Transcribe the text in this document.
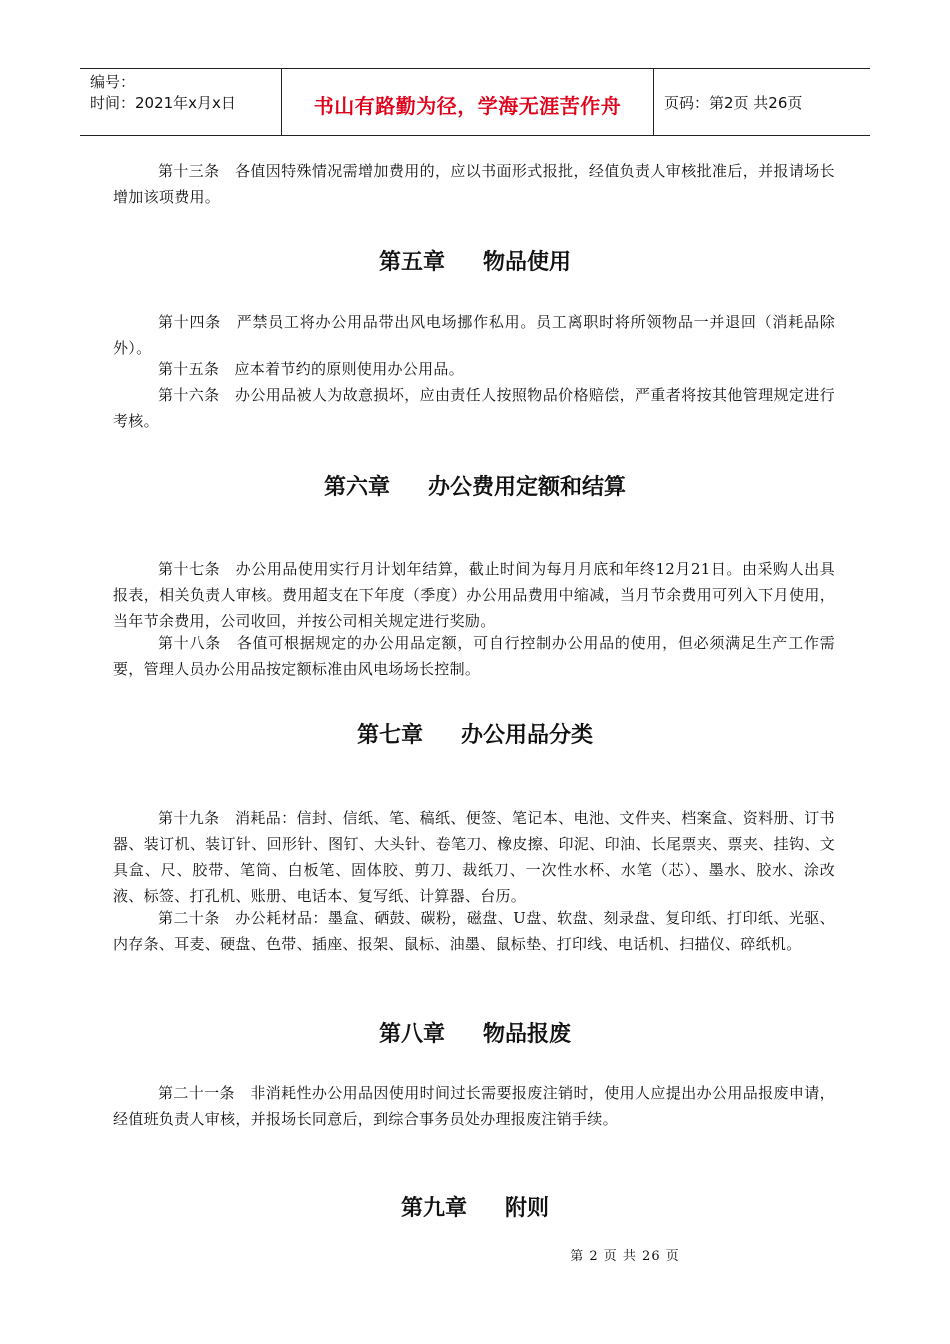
编号：
时间：2021年x月x日	书山有路勤为径，学海无涯苦作舟	页码：第2页 共26页

第十三条　各值因特殊情况需增加费用的，应以书面形式报批，经值负责人审核批准后，并报请场长增加该项费用。

第五章 物品使用

第十四条　严禁员工将办公用品带出风电场挪作私用。员工离职时将所领物品一并退回（消耗品除外）。

第十五条　应本着节约的原则使用办公用品。

第十六条　办公用品被人为故意损坏，应由责任人按照物品价格赔偿，严重者将按其他管理规定进行考核。

第六章 办公费用定额和结算

第十七条　办公用品使用实行月计划年结算，截止时间为每月月底和年终12月21日。由采购人出具报表，相关负责人审核。费用超支在下年度（季度）办公用品费用中缩减，当月节余费用可列入下月使用，当年节余费用，公司收回，并按公司相关规定进行奖励。

第十八条　各值可根据规定的办公用品定额，可自行控制办公用品的使用，但必须满足生产工作需要，管理人员办公用品按定额标准由风电场场长控制。

第七章 办公用品分类

第十九条　消耗品：信封、信纸、笔、稿纸、便签、笔记本、电池、文件夹、档案盒、资料册、订书器、装订机、装订针、回形针、图钉、大头针、卷笔刀、橡皮擦、印泥、印油、长尾票夹、票夹、挂钩、文具盒、尺、胶带、笔筒、白板笔、固体胶、剪刀、裁纸刀、一次性水杯、水笔（芯）、墨水、胶水、涂改液、标签、打孔机、账册、电话本、复写纸、计算器、台历。

第二十条　办公耗材品：墨盒、硒鼓、碳粉，磁盘、U盘、软盘、刻录盘、复印纸、打印纸、光驱、内存条、耳麦、硬盘、色带、插座、报架、鼠标、油墨、鼠标垫、打印线、电话机、扫描仪、碎纸机。

第八章 物品报废

第二十一条　非消耗性办公用品因使用时间过长需要报废注销时，使用人应提出办公用品报废申请，经值班负责人审核，并报场长同意后，到综合事务员处办理报废注销手续。

第九章 附则
第 2 页 共 26 页
